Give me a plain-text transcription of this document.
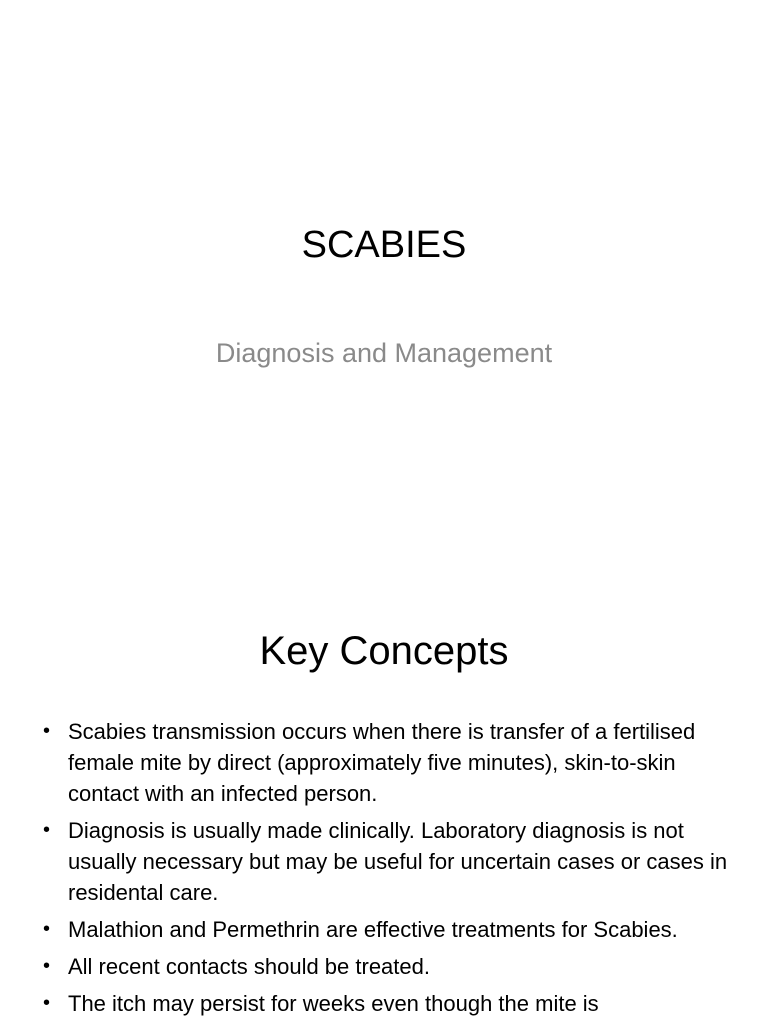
SCABIES
Diagnosis and Management
Key Concepts
• Scabies transmission occurs when there is transfer of a fertilised female mite by direct (approximately five minutes), skin-to-skin contact with an infected person.
• Diagnosis is usually made clinically. Laboratory diagnosis is not usually necessary but may be useful for uncertain cases or cases in residental care.
• Malathion and Permethrin are effective treatments for Scabies.
• All recent contacts should be treated.
• The itch may persist for weeks even though the mite is
